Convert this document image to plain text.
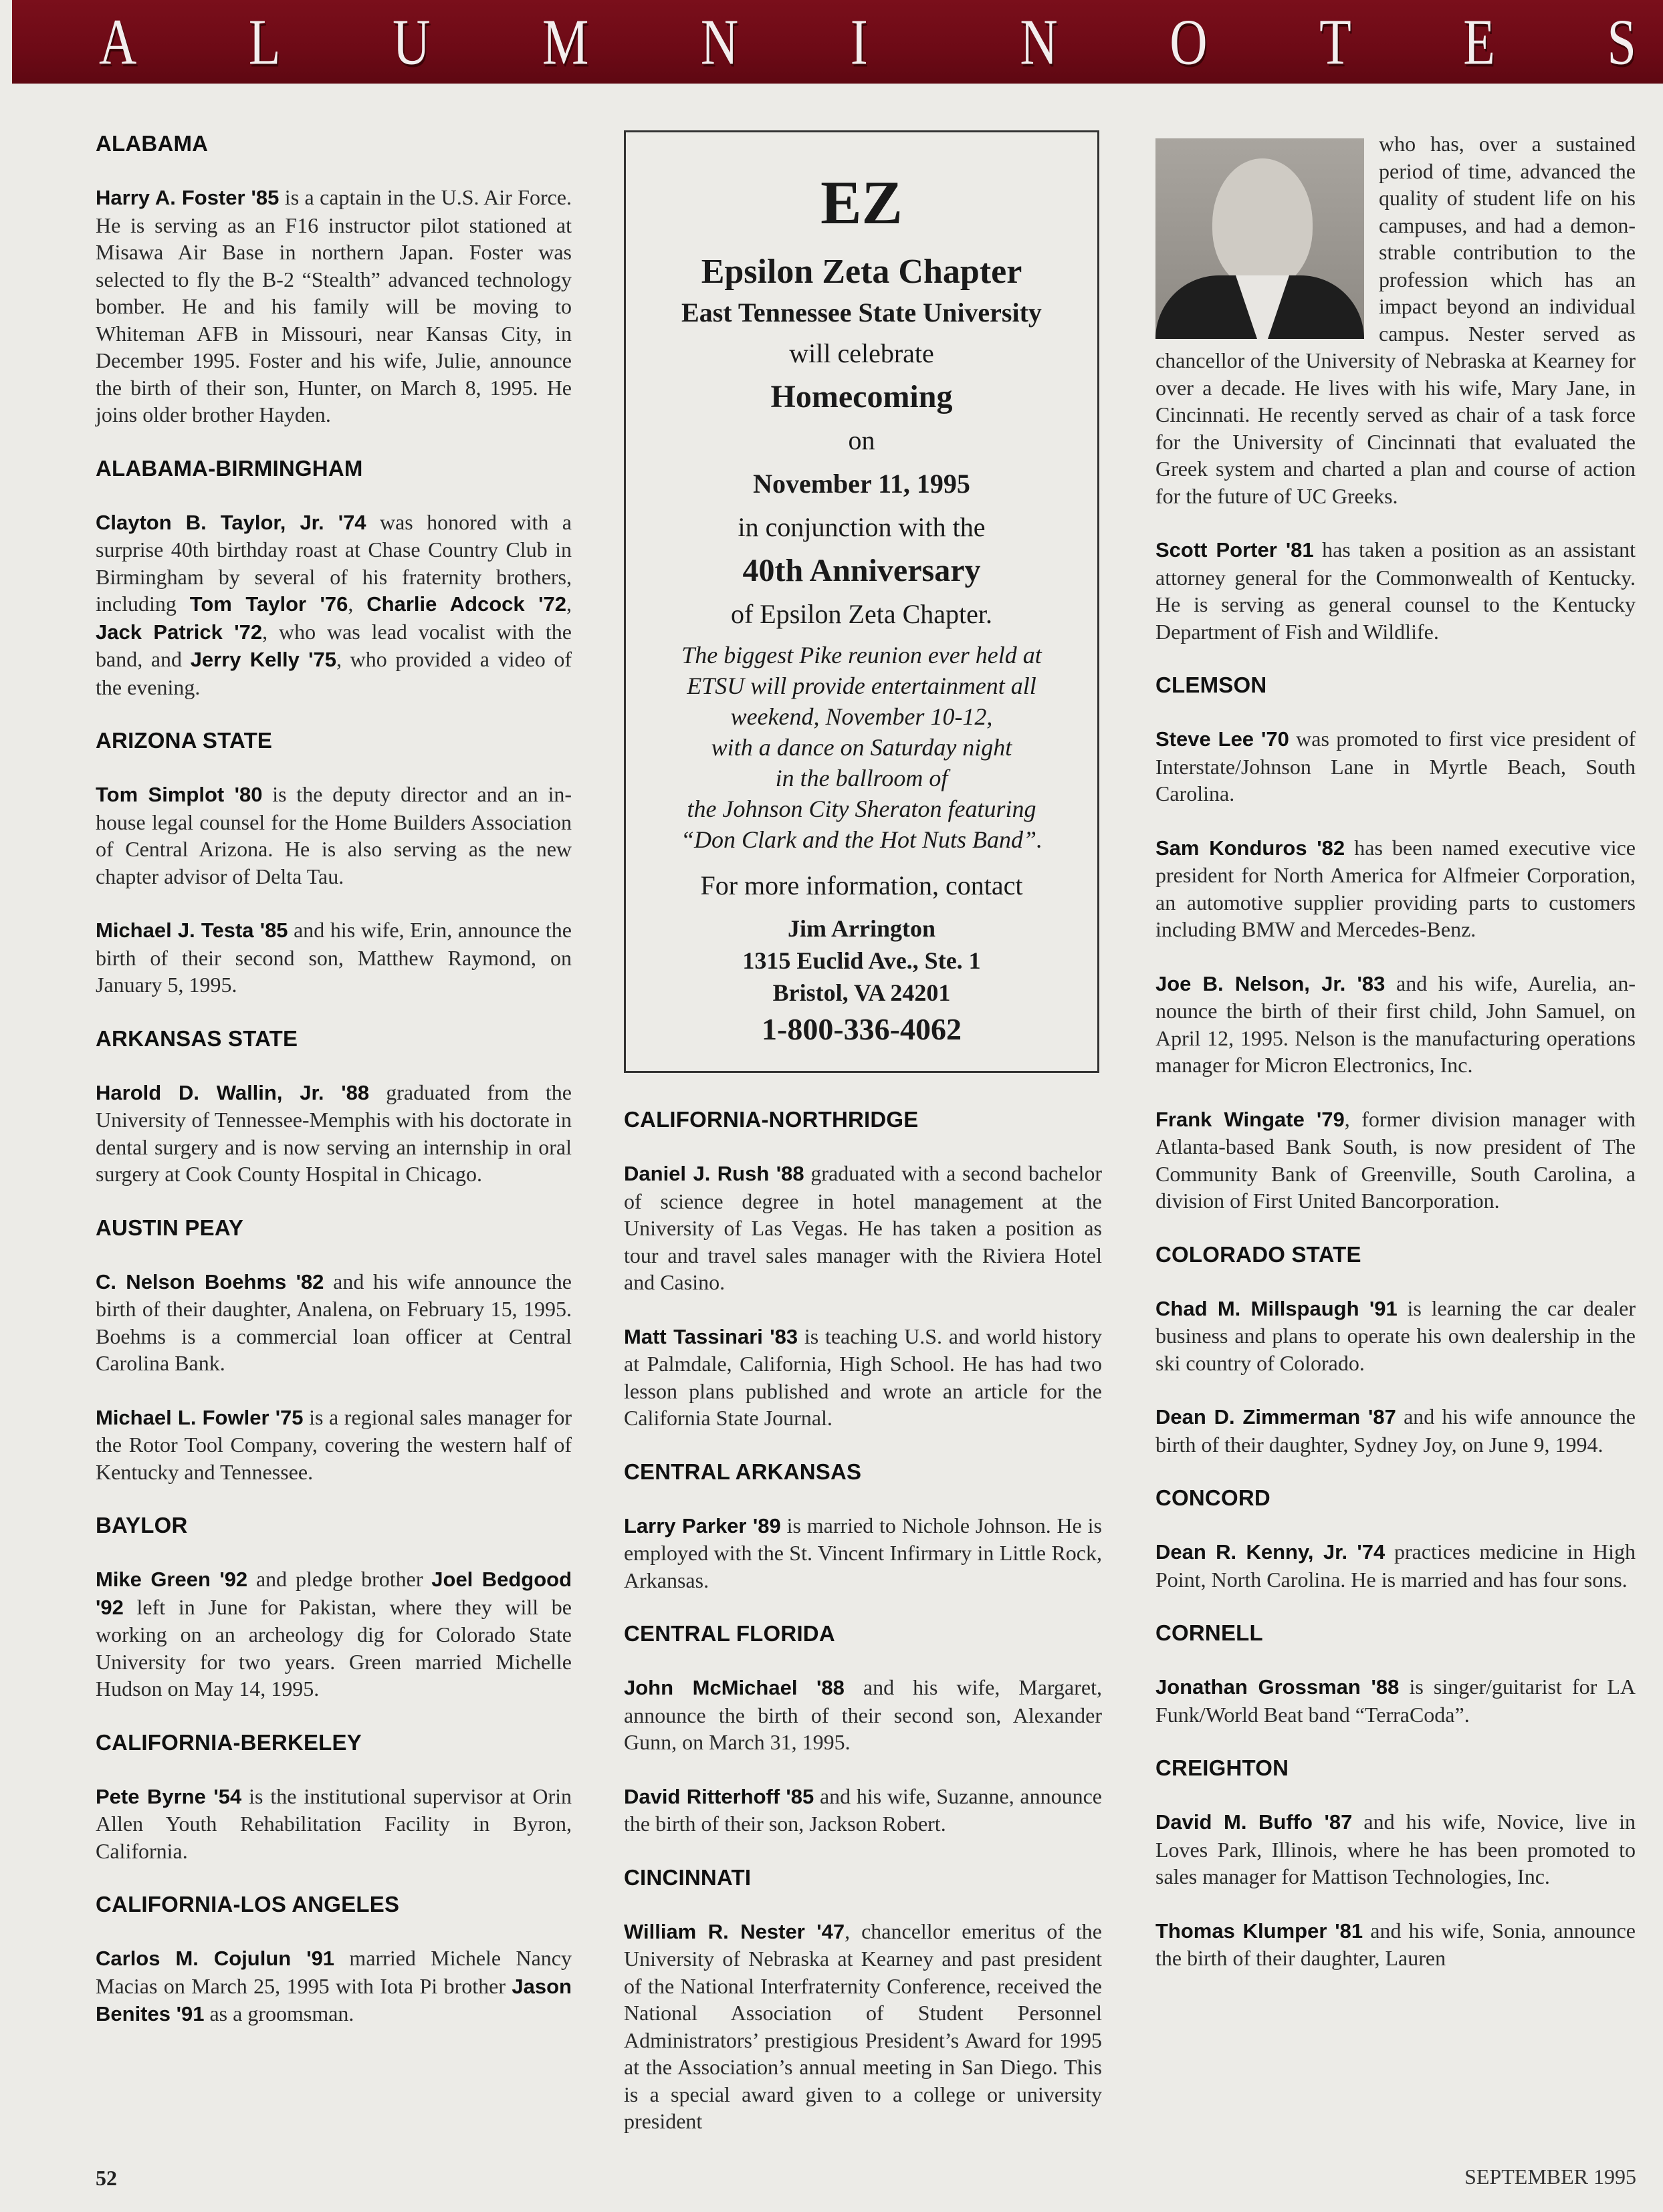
A L U M N I	N O T E S
ALABAMA

Harry A. Foster '85 is a captain in the U.S. Air Force. He is serving as an F16 instructor pilot stationed at Misawa Air Base in northern Japan. Foster was selected to fly the B-2 “Stealth” advanced technology bomber. He and his family will be moving to Whiteman AFB in Missouri, near Kansas City, in December 1995. Foster and his wife, Julie, announce the birth of their son, Hunter, on March 8, 1995. He joins older brother Hayden.

ALABAMA-BIRMINGHAM

Clayton B. Taylor, Jr. '74 was honored with a surprise 40th birthday roast at Chase Country Club in Birmingham by several of his fraternity brothers, including Tom Taylor '76, Charlie Adcock '72, Jack Patrick '72, who was lead vocalist with the band, and Jerry Kelly '75, who provided a video of the evening.

ARIZONA STATE

Tom Simplot '80 is the deputy director and an in-house legal counsel for the Home Builders Association of Central Arizona. He is also serving as the new chapter advisor of Delta Tau.

Michael J. Testa '85 and his wife, Erin, announce the birth of their second son, Matthew Raymond, on January 5, 1995.

ARKANSAS STATE

Harold D. Wallin, Jr. '88 graduated from the University of Tennessee-Memphis with his doctorate in dental surgery and is now serving an internship in oral surgery at Cook County Hospital in Chicago.

AUSTIN PEAY

C. Nelson Boehms '82 and his wife announce the birth of their daughter, Analena, on February 15, 1995. Boehms is a commercial loan officer at Central Carolina Bank.

Michael L. Fowler '75 is a regional sales manager for the Rotor Tool Company, covering the western half of Kentucky and Tennessee.

BAYLOR

Mike Green '92 and pledge brother Joel Bedgood '92 left in June for Pakistan, where they will be working on an archeology dig for Colorado State University for two years. Green married Michelle Hudson on May 14, 1995.

CALIFORNIA-BERKELEY

Pete Byrne '54 is the institutional supervisor at Orin Allen Youth Rehabilitation Facility in Byron, California.

CALIFORNIA-LOS ANGELES

Carlos M. Cojulun '91 married Michele Nancy Macias on March 25, 1995 with Iota Pi brother Jason Benites '91 as a groomsman.

EZ
Epsilon Zeta Chapter
East Tennessee State University
will celebrate
Homecoming
on
November 11, 1995
in conjunction with the
40th Anniversary
of Epsilon Zeta Chapter.
The biggest Pike reunion ever held at
ETSU will provide entertainment all
weekend, November 10-12,
with a dance on Saturday night
in the ballroom of
the Johnson City Sheraton featuring
“Don Clark and the Hot Nuts Band”.
For more information, contact
Jim Arrington
1315 Euclid Ave., Ste. 1
Bristol, VA 24201
1-800-336-4062
CALIFORNIA-NORTHRIDGE

Daniel J. Rush '88 graduated with a second bachelor of science degree in hotel management at the University of Las Vegas. He has taken a position as tour and travel sales manager with the Riviera Hotel and Casino.

Matt Tassinari '83 is teaching U.S. and world history at Palmdale, California, High School. He has had two lesson plans published and wrote an article for the California State Journal.

CENTRAL ARKANSAS

Larry Parker '89 is married to Nichole Johnson. He is employed with the St. Vincent Infirmary in Little Rock, Arkansas.

CENTRAL FLORIDA

John McMichael '88 and his wife, Margaret, announce the birth of their second son, Alexander Gunn, on March 31, 1995.

David Ritterhoff '85 and his wife, Suzanne, announce the birth of their son, Jackson Robert.

CINCINNATI

William R. Nester '47, chancellor emeritus of the University of Nebraska at Kearney and past president of the National Interfraternity Conference, received the National Association of Student Personnel Administrators’ prestigious President’s Award for 1995 at the Association’s annual meeting in San Diego. This is a special award given to a college or university president

who has, over a sustained period of time, advanced the quality of student life on his campuses, and had a demonstrable contribution to the profession which has an impact beyond an individual campus. Nester served as chancellor of the University of Nebraska at Kearney for over a decade. He lives with his wife, Mary Jane, in Cincinnati. He recently served as chair of a task force for the University of Cincinnati that evaluated the Greek system and charted a plan and course of action for the future of UC Greeks.

Scott Porter '81 has taken a position as an assistant attorney general for the Commonwealth of Kentucky. He is serving as general counsel to the Kentucky Department of Fish and Wildlife.

CLEMSON

Steve Lee '70 was promoted to first vice president of Interstate/Johnson Lane in Myrtle Beach, South Carolina.

Sam Konduros '82 has been named executive vice president for North America for Alfmeier Corporation, an automotive supplier providing parts to customers including BMW and Mercedes-Benz.

Joe B. Nelson, Jr. '83 and his wife, Aurelia, announce the birth of their first child, John Samuel, on April 12, 1995. Nelson is the manufacturing operations manager for Micron Electronics, Inc.

Frank Wingate '79, former division manager with Atlanta-based Bank South, is now president of The Community Bank of Greenville, South Carolina, a division of First United Bancorporation.

COLORADO STATE

Chad M. Millspaugh '91 is learning the car dealer business and plans to operate his own dealership in the ski country of Colorado.

Dean D. Zimmerman '87 and his wife announce the birth of their daughter, Sydney Joy, on June 9, 1994.

CONCORD

Dean R. Kenny, Jr. '74 practices medicine in High Point, North Carolina. He is married and has four sons.

CORNELL

Jonathan Grossman '88 is singer/guitarist for LA Funk/World Beat band “TerraCoda”.

CREIGHTON

David M. Buffo '87 and his wife, Novice, live in Loves Park, Illinois, where he has been promoted to sales manager for Mattison Technologies, Inc.

Thomas Klumper '81 and his wife, Sonia, announce the birth of their daughter, Lauren

52	SEPTEMBER 1995
